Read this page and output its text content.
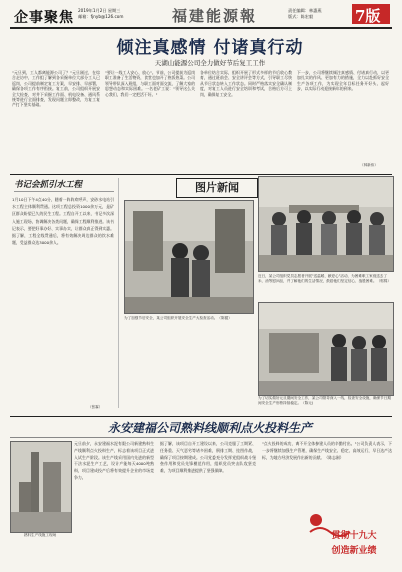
企事聚焦 2019年1月2日 星期三
邮箱：fjnyb@126.com	福建能源報	责任编辑：林惠燕
版式：陈宏毅	7版
倾注真感情 付诸真行动
天湖山能源公司全力做好节后复工工作
"元旦到，工人都离能源公司了？"元旦刚过，在综合走访中，工作组了解到各采掘单位大部分工人已返岗，公司提前制定复工方案，早安排、早部署，确保各项工作有序衔接。复工前，公司组织开展安全大检查，对井下采掘工作面、机电设备、通风系统等进行全面排查，发现问题立即整改，为复工复产打下坚实基础。
"要让一线工人安心、放心"。节前，公司提前为返岗职工准备了生活物资，食堂也加开了热饭热菜。公司领导带队深入班组，与职工面对面交流，了解大家的思想动态和实际困难。一名老矿工说："领导这么关心我们，我们一定把活干好。"
各单位结合实际，组织开展了形式多样的节后收心教育，通过班前会、安全讲评会等方式，引导职工尽快从节日状态转入工作状态。同时严格落实安全确认制度，对复工人员进行安全培训和考试，合格后方可上岗，确保复工安全。
下一步，公司将继续倾注真感情、付诸真行动，以更加扎实的作风、更加有力的措施，全力以赴抓好安全生产各项工作，为实现全年目标任务开好头、起好步，以实际行动迎接新年的到来。
（林新伟）
书记会抓引水工程
1月10日下午4点40分，随着一阵阵欢呼声，安砂水电站引水工程主体顺利贯通。这项工程总投资1000余万元，是矿区群众盼望已久的民生工程。工程自开工以来，书记多次深入施工现场，协调解决各类问题，确保工程顺利推进。该书记表示，要把好事办好、实事办实，让群众真正得到实惠。据了解，工程全线贯通后，将有效解决周边群众的饮水难题，受益群众达3000余人。
（张霖）
图片新闻
近日，某公司组织党员志愿者开展"送温暖、献爱心"活动，为困难职工家庭送去了米、油等慰问品，并了解他们的生活情况，鼓励他们坚定信心、战胜困难。（郭锦）
为了加强节后安全，某公司组织开展安全生产大检查活动。（陈健）
为了切实做好元旦期间安全工作，某公司领导深入一线，检查安全设施，确保节日期间安全生产形势持续稳定。（陈元)
永安建福公司熟料线顺利点火投料生产
熟料生产线施工现场
元旦前夕，永安建福水泥有限公司新建熟料生产线顺利点火投料生产，标志着该项目正式进入试生产阶段。该生产线采用国内先进的新型干法水泥生产工艺，设计产能每天4000吨熟料，项目建成投产后将有效提升企业的市场竞争力。
据了解，该项目自开工建设以来，公司克服了工期紧、任务重、天气恶劣等诸多困难，倒排工期、挂图作战，确保了项目按期建成。公司党委充分发挥党组织战斗堡垒作用和党员先锋模范作用，组织党员突击队攻坚克难，为项目顺利推进提供了坚强保障。
"点火投料的成功，离不开全体参建人员的辛勤付出。"公司负责人表示，下一步将继续加强生产管理，确保生产线安全、稳定、高效运行，早日达产达标，为地方经济发展作出新的贡献。（陈志刚）
贯彻十九大
创造新业绩
